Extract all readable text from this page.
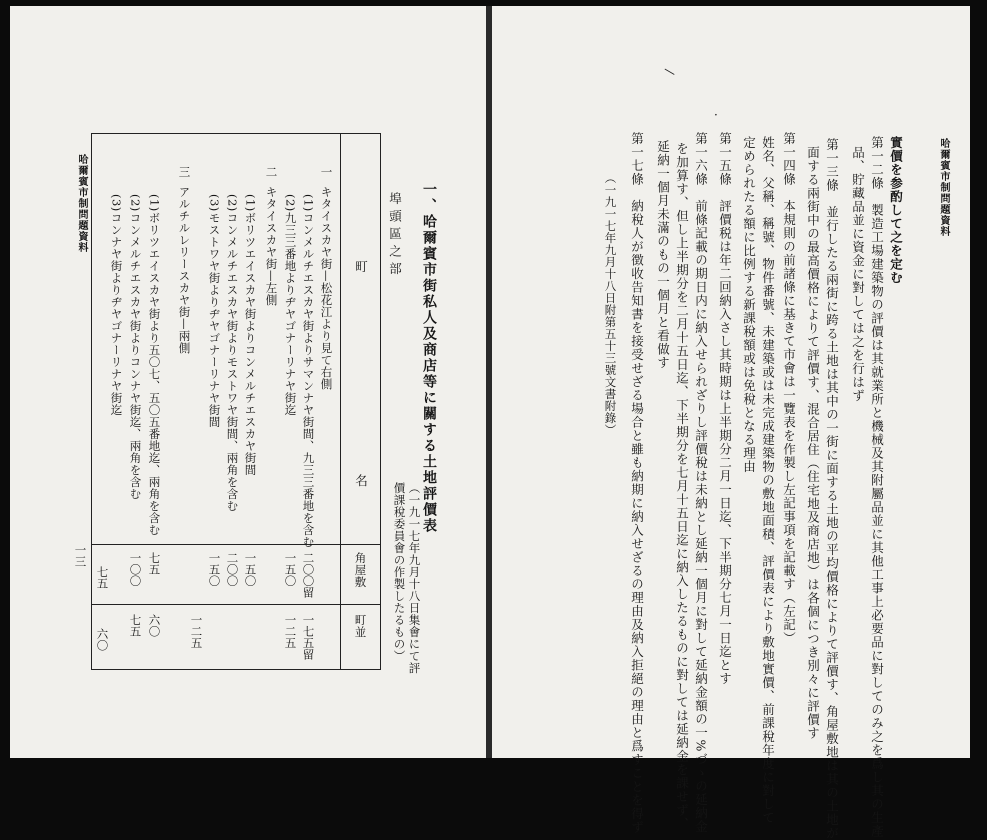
哈爾賓市制問題資料
町
名
角屋敷
町並
一
キタイスカヤ街—松花江より見て右側
(1)
コンメルチエスカヤ街よりサマンナヤ街間、九三三番地を含む
二〇〇留
一七五留
(2)
九三三番地よりヂヤゴナーリナヤ街迄
一五〇
一二五
二
キタイスカヤ街—左側
(1)
ボリツエイスカヤ街よりコンメルチエスカヤ街間
一五〇
(2)
コンメルチエスカヤ街よりモストワヤ街間、兩角を含む
二〇〇
(3)
モストワヤ街よりヂヤゴナーリナヤ街間
一五〇
一二五
三
アルチルレリースカヤ街—兩側
(1)
ボリツエイスカヤ街より五〇七、五〇五番地迄、兩角を含む
七五
六〇
(2)
コンメルチエスカヤ街よりコンナヤ街迄、兩角を含む
一〇〇
七五
(3)
コンナヤ街よりヂヤゴナーリナヤ街迄
七五
六〇
一、哈爾賓市街私人及商店等に關する土地評價表
（一九一七年九月十八日集會にて評
價課稅委員會の作製したるもの）
埠頭區之部
一三
哈爾賓市制問題資料
實價を参酌して之を定む
第一二條　製造工場建築物の評價は其就業所と機械及其附屬品並に其他工事上必要品に對してのみ之を爲し其の生產
品、貯藏品並に資金に對しては之を行はず
第一三條　並行したる兩街に跨る土地は其中の一街に面する土地の平均價格によりて評價す、角屋敷地は其の土地が
面する兩街中の最高價格によりて評價す、混合居住（住宅地及商店地）は各個につき別々に評價す
第一四條　本規則の前諸條に基きて市會は一覽表を作製し左記事項を記載す（左記）
姓名、父稱、稱號、物件番號、未建築或は未完成建築物の敷地面積、評價表により敷地實價、前課稅年度に對して
定められたる額に比例する新課稅額或は免稅となる理由
第一五條　評價税は年二回納入さし其時期は上半期分二月一日迄、下半期分七月一日迄とす
第一六條　前條記載の期日内に納入せられざりし評價稅は未納とし延納一個月に對して延納金額の一%づゝの延納金
を加算す、但し上半期分を二月十五日迄、下半期分を七月十五日迄に納入したるものに對しては延納金を課せず、
延納一個月未滿のもの一個月と看做す
第一七條　納稅人が徴收告知書を接受せざる場合と雖も納期に納入せざるの理由及納入拒絕の理由と爲すことを得ず
（一九一七年九月十八日附第五十三號文書附錄）
—
·
